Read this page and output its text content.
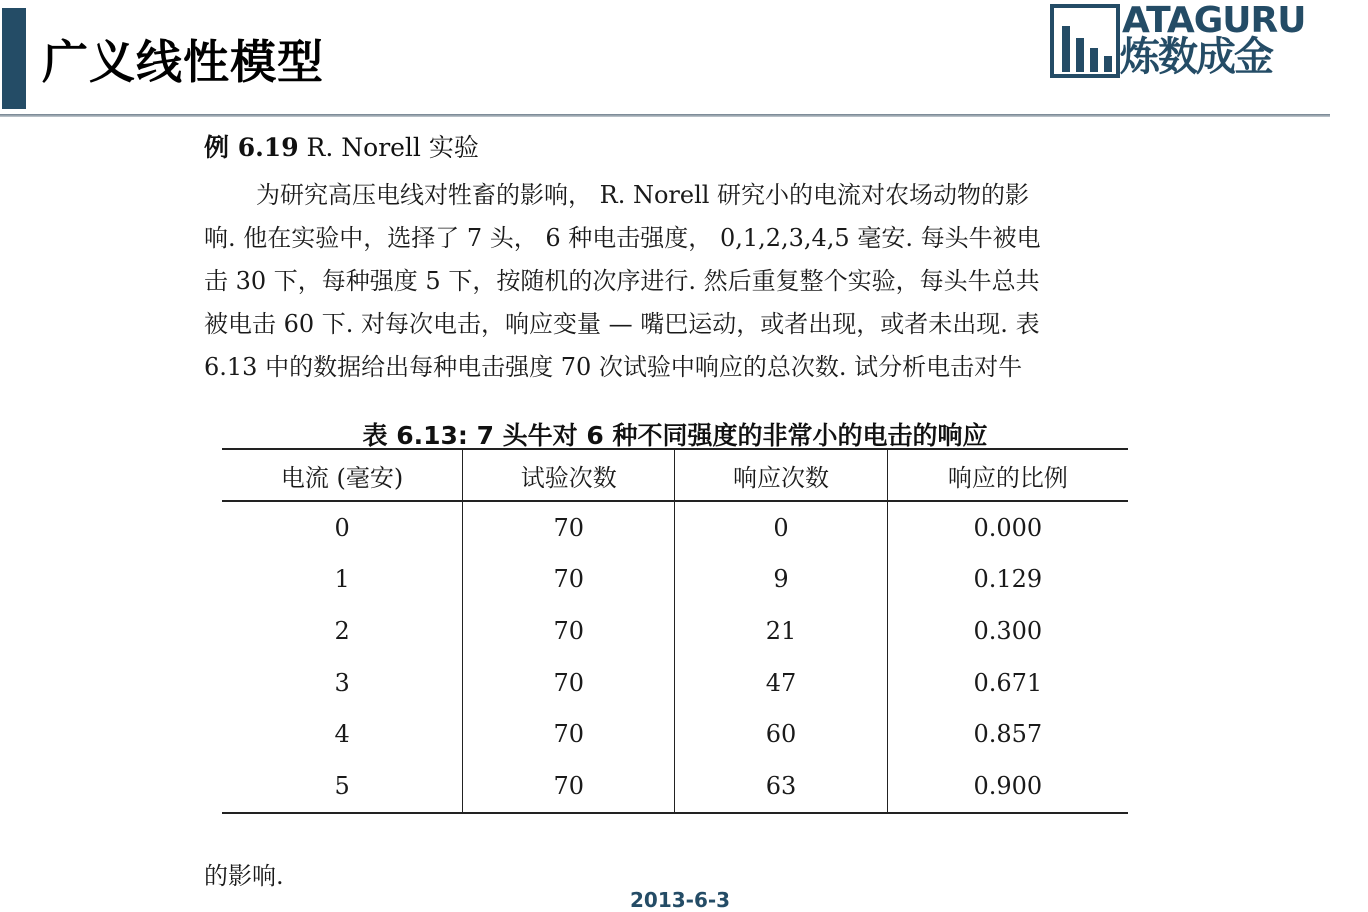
广义线性模型
ATAGURU
炼数成金
例 6.19 R. Norell 实验
为研究高压电线对牲畜的影响， R. Norell 研究小的电流对农场动物的影
响. 他在实验中，选择了 7 头， 6 种电击强度， 0,1,2,3,4,5 毫安. 每头牛被电
击 30 下，每种强度 5 下，按随机的次序进行. 然后重复整个实验，每头牛总共
被电击 60 下. 对每次电击，响应变量 — 嘴巴运动，或者出现，或者未出现. 表
6.13 中的数据给出每种电击强度 70 次试验中响应的总次数. 试分析电击对牛
表 6.13: 7 头牛对 6 种不同强度的非常小的电击的响应
电流 (毫安)	试验次数	响应次数	响应的比例
0	70	0	0.000
1	70	9	0.129
2	70	21	0.300
3	70	47	0.671
4	70	60	0.857
5	70	63	0.900
的影响.
2013-6-3
